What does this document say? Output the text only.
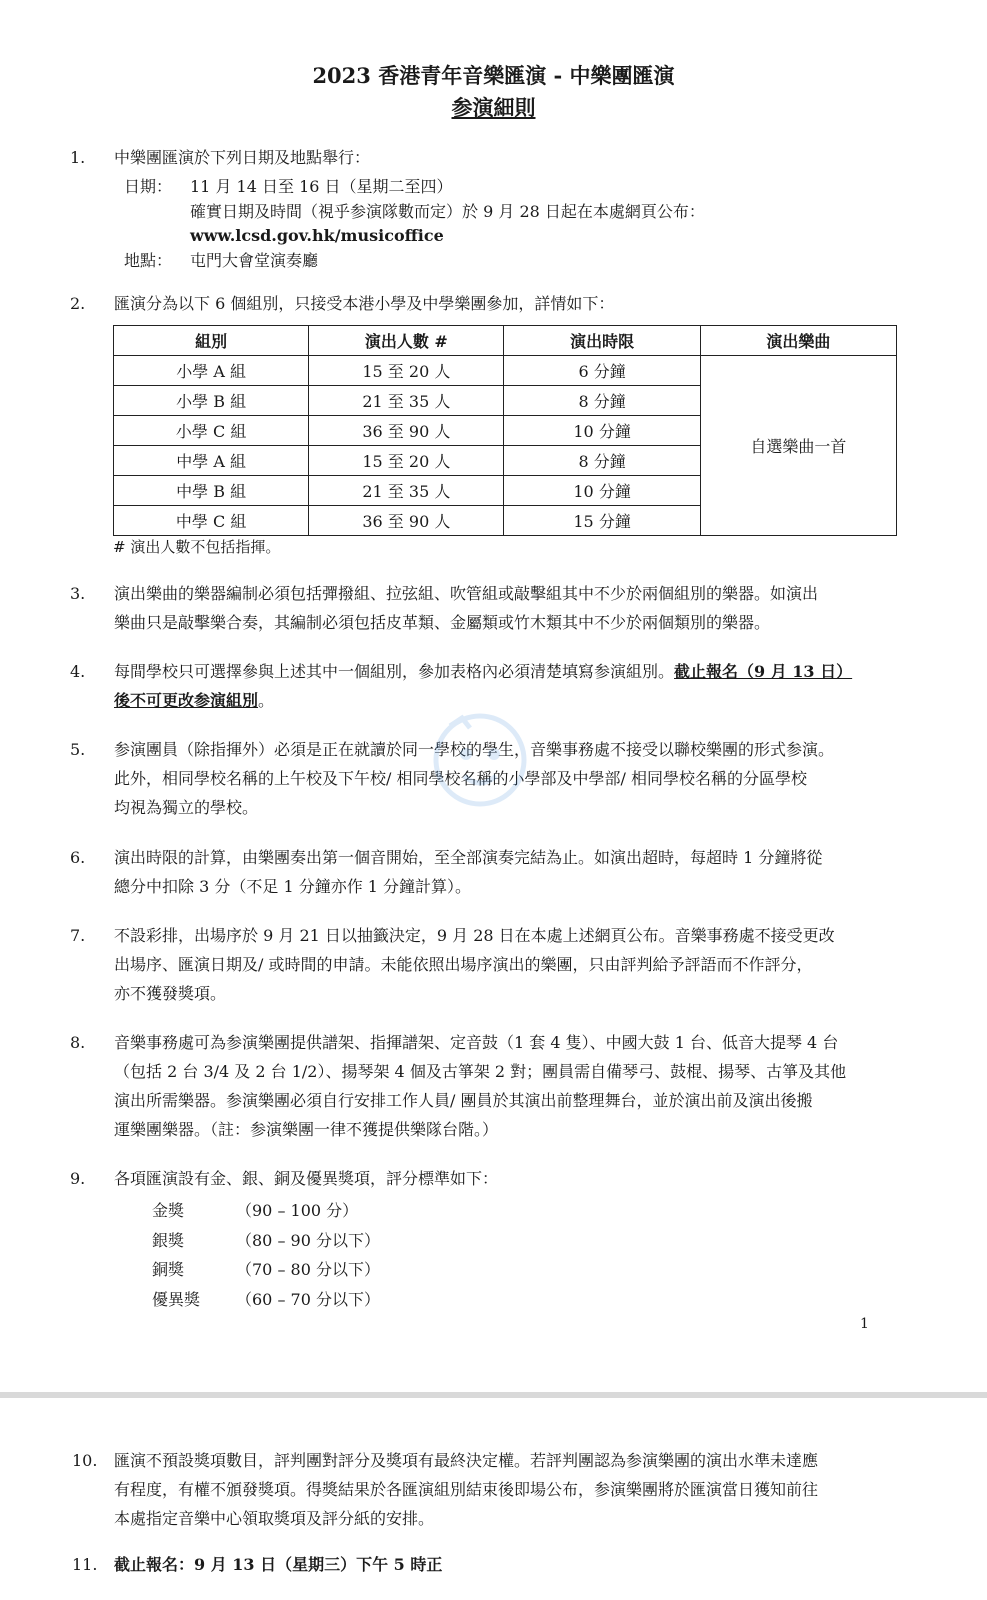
2023 香港青年音樂匯演 - 中樂團匯演
参演細則
1.	中樂團匯演於下列日期及地點舉行：
日期： 11 月 14 日至 16 日（星期二至四）
確實日期及時間（視乎参演隊數而定）於 9 月 28 日起在本處網頁公布：
www.lcsd.gov.hk/musicoffice
地點： 屯門大會堂演奏廳
2.	匯演分為以下 6 個組別，只接受本港小學及中學樂團參加，詳情如下：
組別	演出人數 #	演出時限	演出樂曲
小學 A 組	15 至 20 人	6 分鐘	自選樂曲一首
小學 B 組	21 至 35 人	8 分鐘	
小學 C 組	36 至 90 人	10 分鐘	
中學 A 組	15 至 20 人	8 分鐘	
中學 B 組	21 至 35 人	10 分鐘	
中學 C 組	36 至 90 人	15 分鐘	
# 演出人數不包括指揮。
3.	演出樂曲的樂器編制必須包括彈撥組、拉弦組、吹管組或敲擊組其中不少於兩個組別的樂器。如演出
樂曲只是敲擊樂合奏，其編制必須包括皮革類、金屬類或竹木類其中不少於兩個類別的樂器。
4.	每間學校只可選擇參與上述其中一個組別，參加表格內必須清楚填寫参演組別。截止報名（9 月 13 日）
後不可更改参演組別。
5.	参演團員（除指揮外）必須是正在就讀於同一學校的學生，音樂事務處不接受以聯校樂團的形式参演。
此外，相同學校名稱的上午校及下午校/ 相同學校名稱的小學部及中學部/ 相同學校名稱的分區學校
均視為獨立的學校。
6.	演出時限的計算，由樂團奏出第一個音開始，至全部演奏完結為止。如演出超時，每超時 1 分鐘將從
總分中扣除 3 分（不足 1 分鐘亦作 1 分鐘計算）。
7.	不設彩排，出場序於 9 月 21 日以抽籤決定，9 月 28 日在本處上述網頁公布。音樂事務處不接受更改
出場序、匯演日期及/ 或時間的申請。未能依照出場序演出的樂團，只由評判給予評語而不作評分，
亦不獲發獎項。
8.	音樂事務處可為参演樂團提供譜架、指揮譜架、定音鼓（1 套 4 隻）、中國大鼓 1 台、低音大提琴 4 台
（包括 2 台 3/4 及 2 台 1/2）、揚琴架 4 個及古箏架 2 對；團員需自備琴弓、鼓棍、揚琴、古箏及其他
演出所需樂器。参演樂團必須自行安排工作人員/ 團員於其演出前整理舞台，並於演出前及演出後搬
運樂團樂器。（註：参演樂團一律不獲提供樂隊台階。）
9.	各項匯演設有金、銀、銅及優異獎項，評分標準如下：
金獎	（90 – 100 分）
銀獎	（80 – 90 分以下）
銅獎	（70 – 80 分以下）
優異獎 （60 – 70 分以下）
1
10.	匯演不預設獎項數目，評判團對評分及獎項有最終決定權。若評判團認為参演樂團的演出水準未達應
有程度，有權不頒發獎項。得獎結果於各匯演組別結束後即場公布，参演樂團將於匯演當日獲知前往
本處指定音樂中心領取獎項及評分紙的安排。
11.	截止報名：9 月 13 日（星期三）下午 5 時正
